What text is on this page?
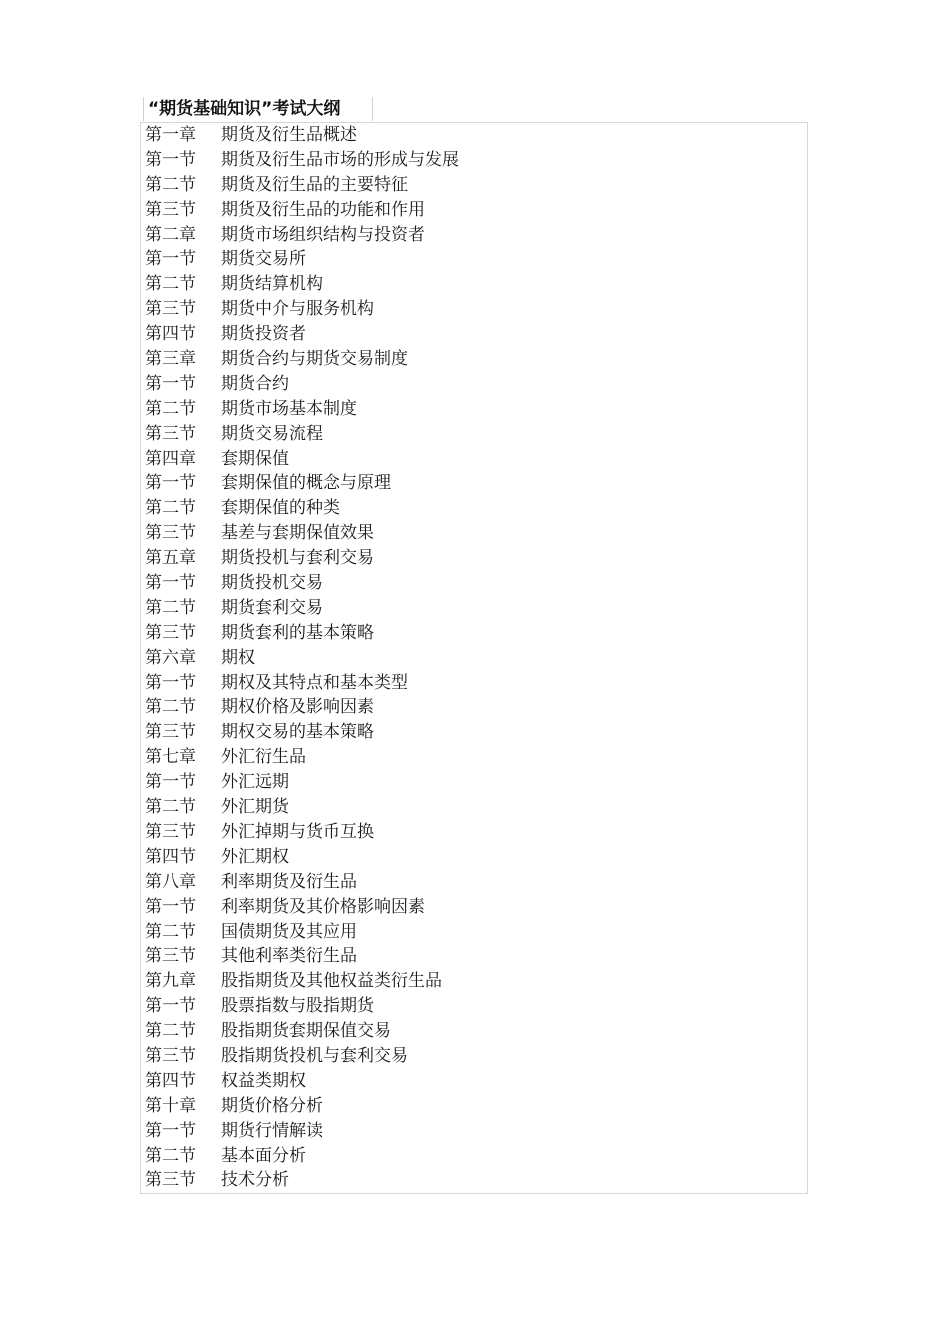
“期货基础知识”考试大纲
第一章	期货及衍生品概述
第一节	期货及衍生品市场的形成与发展
第二节	期货及衍生品的主要特征
第三节	期货及衍生品的功能和作用
第二章	期货市场组织结构与投资者
第一节	期货交易所
第二节	期货结算机构
第三节	期货中介与服务机构
第四节	期货投资者
第三章	期货合约与期货交易制度
第一节	期货合约
第二节	期货市场基本制度
第三节	期货交易流程
第四章	套期保值
第一节	套期保值的概念与原理
第二节	套期保值的种类
第三节	基差与套期保值效果
第五章	期货投机与套利交易
第一节	期货投机交易
第二节	期货套利交易
第三节	期货套利的基本策略
第六章	期权
第一节	期权及其特点和基本类型
第二节	期权价格及影响因素
第三节	期权交易的基本策略
第七章	外汇衍生品
第一节	外汇远期
第二节	外汇期货
第三节	外汇掉期与货币互换
第四节	外汇期权
第八章	利率期货及衍生品
第一节	利率期货及其价格影响因素
第二节	国债期货及其应用
第三节	其他利率类衍生品
第九章	股指期货及其他权益类衍生品
第一节	股票指数与股指期货
第二节	股指期货套期保值交易
第三节	股指期货投机与套利交易
第四节	权益类期权
第十章	期货价格分析
第一节	期货行情解读
第二节	基本面分析
第三节	技术分析
